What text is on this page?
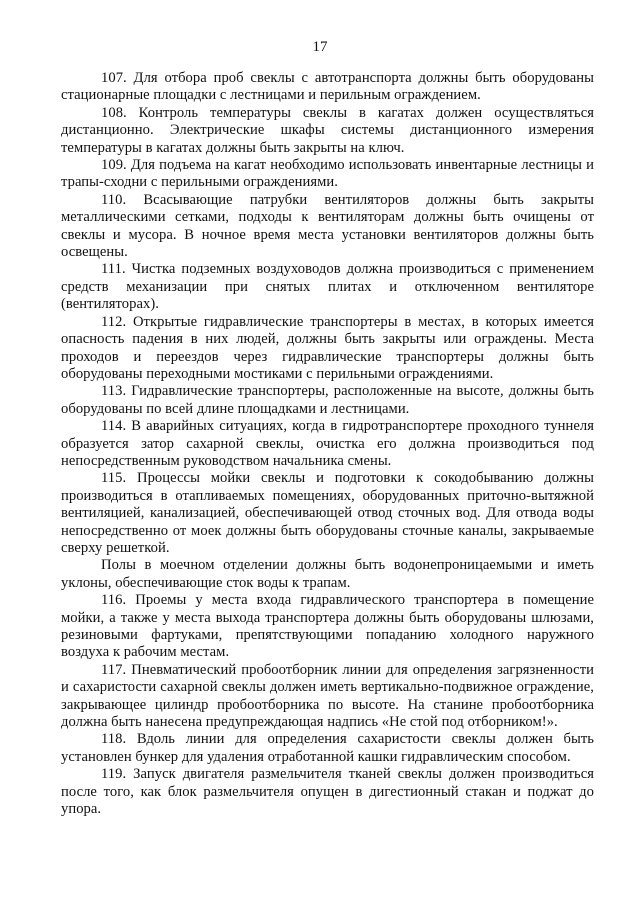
17

107. Для отбора проб свеклы с автотранспорта должны быть оборудованы стационарные площадки с лестницами и перильным ограждением.

108. Контроль температуры свеклы в кагатах должен осуществляться дистанционно. Электрические шкафы системы дистанционного измерения температуры в кагатах должны быть закрыты на ключ.

109. Для подъема на кагат необходимо использовать инвентарные лестницы и трапы-сходни с перильными ограждениями.

110. Всасывающие патрубки вентиляторов должны быть закрыты металлическими сетками, подходы к вентиляторам должны быть очищены от свеклы и мусора. В ночное время места установки вентиляторов должны быть освещены.

111. Чистка подземных воздуховодов должна производиться с применением средств механизации при снятых плитах и отключенном вентиляторе (вентиляторах).

112. Открытые гидравлические транспортеры в местах, в которых имеется опасность падения в них людей, должны быть закрыты или ограждены. Места проходов и переездов через гидравлические транспортеры должны быть оборудованы переходными мостиками с перильными ограждениями.

113. Гидравлические транспортеры, расположенные на высоте, должны быть оборудованы по всей длине площадками и лестницами.

114. В аварийных ситуациях, когда в гидротранспортере проходного туннеля образуется затор сахарной свеклы, очистка его должна производиться под непосредственным руководством начальника смены.

115. Процессы мойки свеклы и подготовки к сокодобыванию должны производиться в отапливаемых помещениях, оборудованных приточно-вытяжной вентиляцией, канализацией, обеспечивающей отвод сточных вод. Для отвода воды непосредственно от моек должны быть оборудованы сточные каналы, закрываемые сверху решеткой.

Полы в моечном отделении должны быть водонепроницаемыми и иметь уклоны, обеспечивающие сток воды к трапам.

116. Проемы у места входа гидравлического транспортера в помещение мойки, а также у места выхода транспортера должны быть оборудованы шлюзами, резиновыми фартуками, препятствующими попаданию холодного наружного воздуха к рабочим местам.

117. Пневматический пробоотборник линии для определения загрязненности и сахаристости сахарной свеклы должен иметь вертикально-подвижное ограждение, закрывающее цилиндр пробоотборника по высоте. На станине пробоотборника должна быть нанесена предупреждающая надпись «Не стой под отборником!».

118. Вдоль линии для определения сахаристости свеклы должен быть установлен бункер для удаления отработанной кашки гидравлическим способом.

119. Запуск двигателя размельчителя тканей свеклы должен производиться после того, как блок размельчителя опущен в дигестионный стакан и поджат до упора.
